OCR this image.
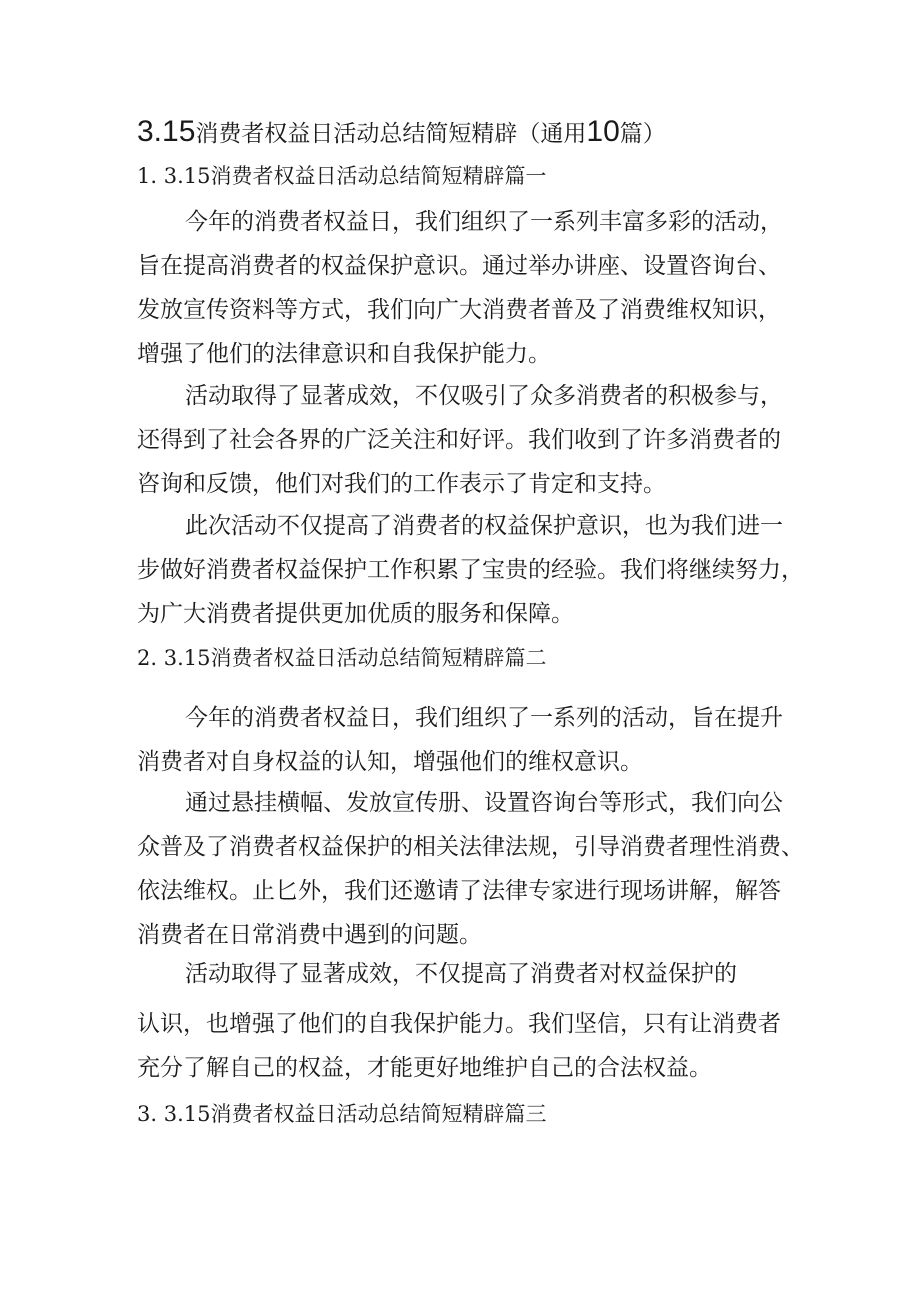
3.15消费者权益日活动总结简短精辟（通用10篇）
1. 3.15消费者权益日活动总结简短精辟篇一

今年的消费者权益日，我们组织了一系列丰富多彩的活动，
旨在提高消费者的权益保护意识。通过举办讲座、设置咨询台、
发放宣传资料等方式，我们向广大消费者普及了消费维权知识，
增强了他们的法律意识和自我保护能力。

活动取得了显著成效，不仅吸引了众多消费者的积极参与，
还得到了社会各界的广泛关注和好评。我们收到了许多消费者的
咨询和反馈，他们对我们的工作表示了肯定和支持。

此次活动不仅提高了消费者的权益保护意识，也为我们进一
步做好消费者权益保护工作积累了宝贵的经验。我们将继续努力，
为广大消费者提供更加优质的服务和保障。

2. 3.15消费者权益日活动总结简短精辟篇二

今年的消费者权益日，我们组织了一系列的活动，旨在提升
消费者对自身权益的认知，增强他们的维权意识。

通过悬挂横幅、发放宣传册、设置咨询台等形式，我们向公
众普及了消费者权益保护的相关法律法规，引导消费者理性消费、
依法维权。止匕外，我们还邀请了法律专家进行现场讲解，解答
消费者在日常消费中遇到的问题。

活动取得了显著成效，不仅提高了消费者对权益保护的

认识，也增强了他们的自我保护能力。我们坚信，只有让消费者
充分了解自己的权益，才能更好地维护自己的合法权益。

3. 3.15消费者权益日活动总结简短精辟篇三
